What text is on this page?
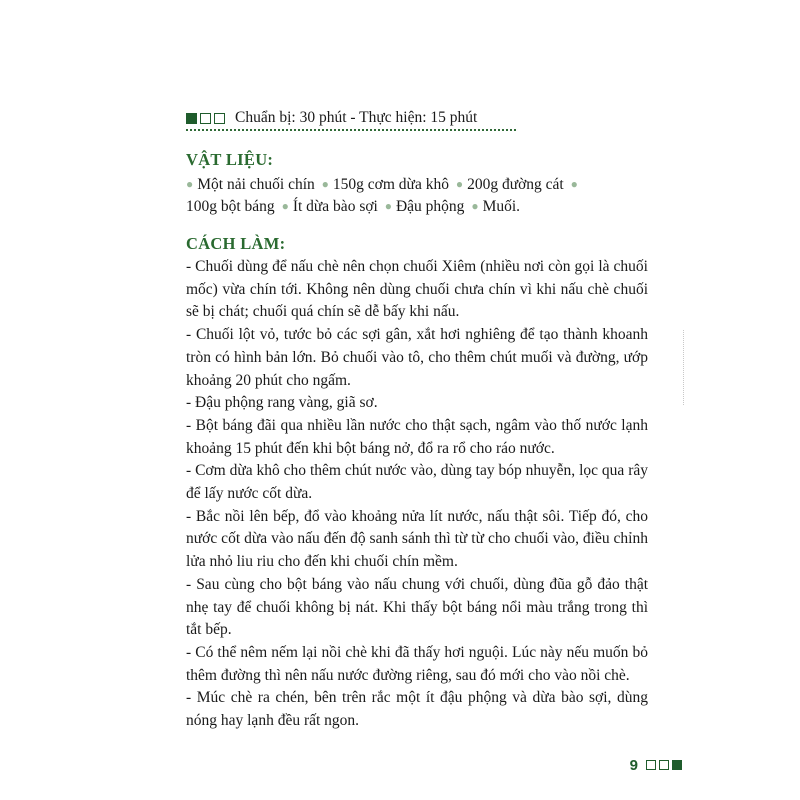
Chuẩn bị: 30 phút - Thực hiện: 15 phút
VẬT LIỆU:
● Một nải chuối chín  ● 150g cơm dừa khô  ● 200g đường cát  ●
100g bột báng  ● Ít dừa bào sợi  ● Đậu phộng  ● Muối.
CÁCH LÀM:

- Chuối dùng để nấu chè nên chọn chuối Xiêm (nhiều nơi còn gọi là chuối mốc) vừa chín tới. Không nên dùng chuối chưa chín vì khi nấu chè chuối sẽ bị chát; chuối quá chín sẽ dễ bấy khi nấu.

- Chuối lột vỏ, tước bỏ các sợi gân, xắt hơi nghiêng để tạo thành khoanh tròn có hình bản lớn. Bỏ chuối vào tô, cho thêm chút muối và đường, ướp khoảng 20 phút cho ngấm.

- Đậu phộng rang vàng, giã sơ.

- Bột báng đãi qua nhiều lần nước cho thật sạch, ngâm vào thố nước lạnh khoảng 15 phút đến khi bột báng nở, đổ ra rổ cho ráo nước.

- Cơm dừa khô cho thêm chút nước vào, dùng tay bóp nhuyễn, lọc qua rây để lấy nước cốt dừa.

- Bắc nồi lên bếp, đổ vào khoảng nửa lít nước, nấu thật sôi. Tiếp đó, cho nước cốt dừa vào nấu đến độ sanh sánh thì từ từ cho chuối vào, điều chỉnh lửa nhỏ liu riu cho đến khi chuối chín mềm.

- Sau cùng cho bột báng vào nấu chung với chuối, dùng đũa gỗ đảo thật nhẹ tay để chuối không bị nát. Khi thấy bột báng nổi màu trắng trong thì tắt bếp.

- Có thể nêm nếm lại nồi chè khi đã thấy hơi nguội. Lúc này nếu muốn bỏ thêm đường thì nên nấu nước đường riêng, sau đó mới cho vào nồi chè.

- Múc chè ra chén, bên trên rắc một ít đậu phộng và dừa bào sợi, dùng nóng hay lạnh đều rất ngon.

9
